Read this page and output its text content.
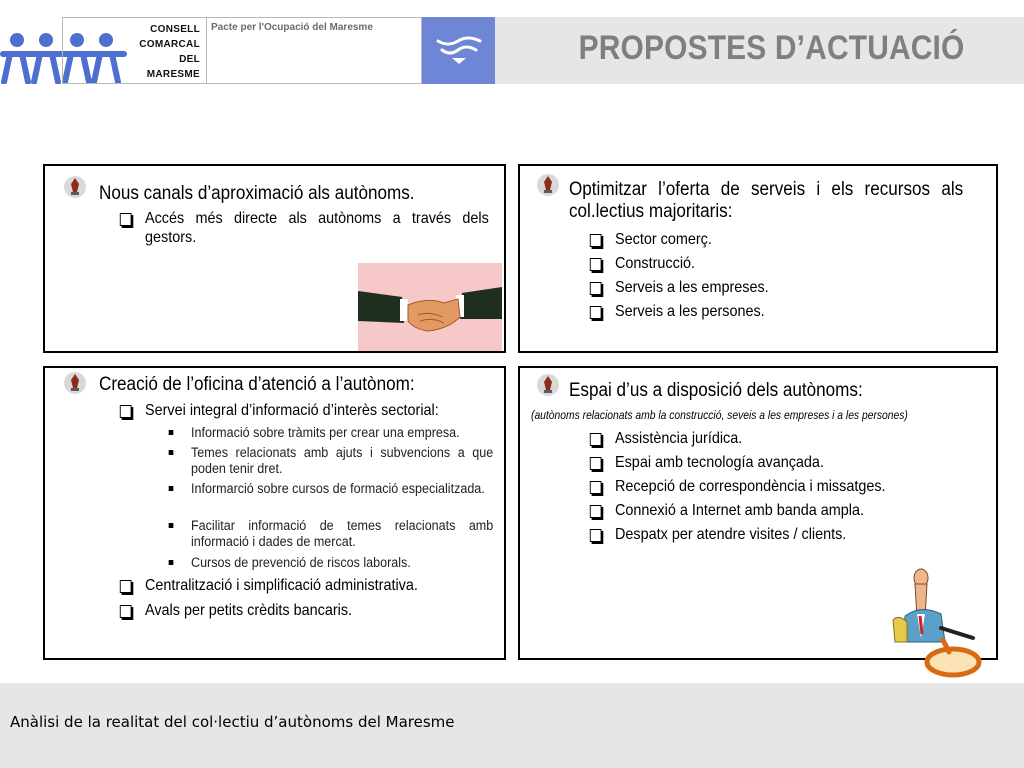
CONSELL
COMARCAL
DEL
MARESME
Pacte per l'Ocupació del Maresme
PROPOSTES D’ACTUACIÓ
Nous canals d’aproximació als autònoms.
Accés més directe als autònoms a través dels gestors.
Optimitzar l’oferta de serveis i els recursos als col.lectius majoritaris:
Sector comerç.
Construcció.
Serveis a les empreses.
Serveis a les persones.
Creació de l’oficina d’atenció a l’autònom:
Servei integral d’informació d’interès sectorial:
Informació sobre tràmits per crear una empresa.
Temes relacionats amb ajuts i subvencions a que poden tenir dret.
Informarció sobre cursos de formació especialitzada.
Facilitar informació de temes relacionats amb informació i dades de mercat.
Cursos de prevenció de riscos laborals.
Centralització i simplificació administrativa.
Avals per petits crèdits bancaris.
Espai d’us a disposició dels autònoms:
(autònoms relacionats amb la construcció, seveis a les empreses i a les persones)
Assistència jurídica.
Espai amb tecnología avançada.
Recepció de correspondència i missatges.
Connexió a Internet amb banda ampla.
Despatx per atendre visites / clients.
Anàlisi de la realitat del col·lectiu d’autònoms del Maresme
